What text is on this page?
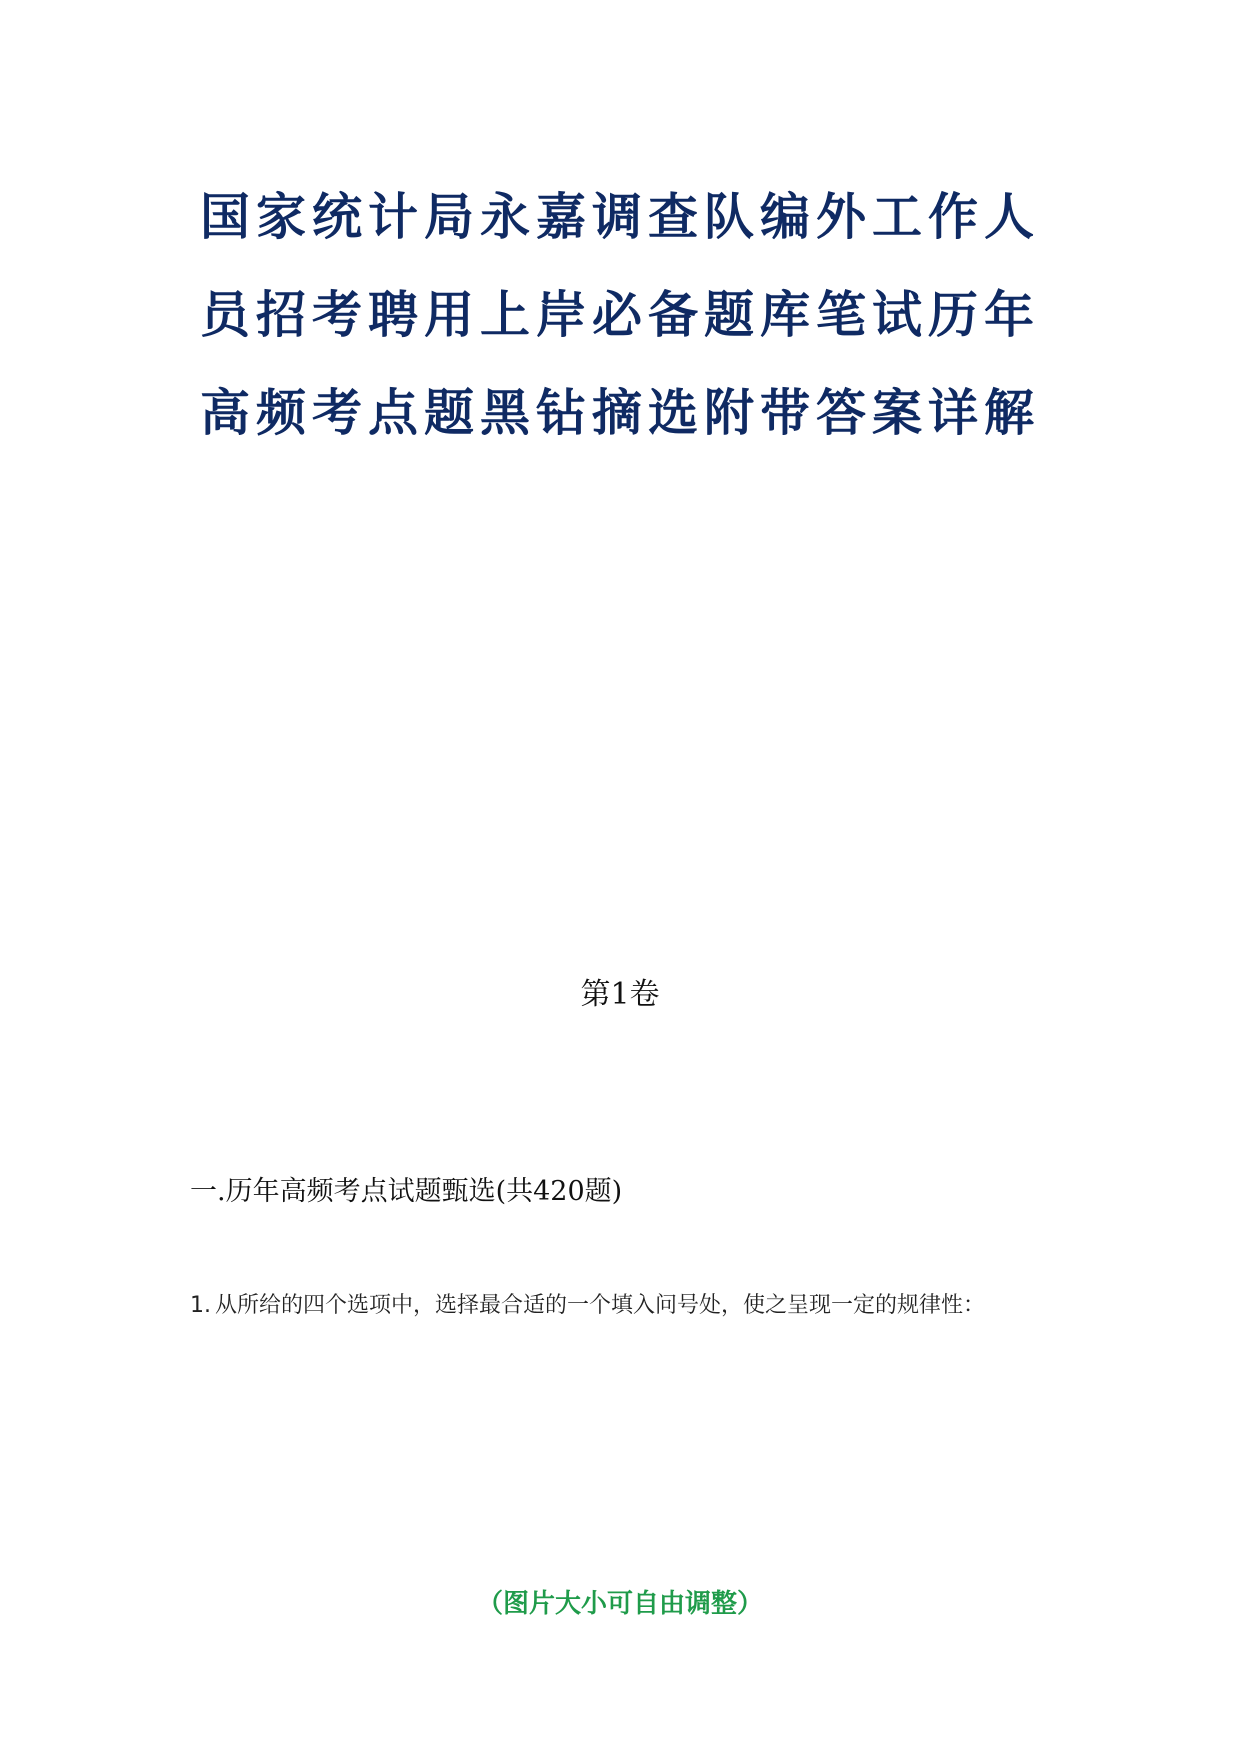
国家统计局永嘉调查队编外工作人员招考聘用上岸必备题库笔试历年高频考点题黑钻摘选附带答案详解
第1卷
一.历年高频考点试题甄选(共420题)
1. 从所给的四个选项中，选择最合适的一个填入问号处，使之呈现一定的规律性：
（图片大小可自由调整）
